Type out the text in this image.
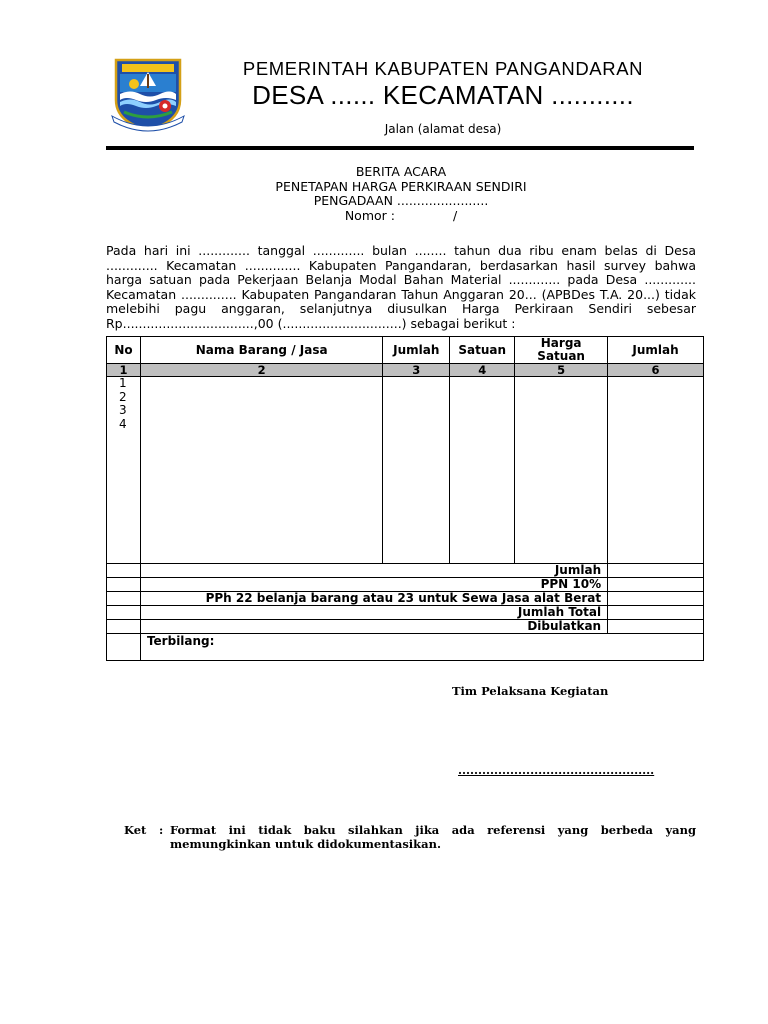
PEMERINTAH KABUPATEN PANGANDARAN
DESA ...... KECAMATAN ...........
Jalan (alamat desa)
BERITA ACARA
PENETAPAN HARGA PERKIRAAN SENDIRI
PENGADAAN .......................
Nomor :	/
Pada hari ini ............. tanggal ............. bulan ........ tahun dua ribu enam belas di Desa ............. Kecamatan .............. Kabupaten Pangandaran, berdasarkan hasil survey bahwa harga satuan pada Pekerjaan Belanja Modal Bahan Material ............. pada Desa ............. Kecamatan .............. Kabupaten Pangandaran Tahun Anggaran 20... (APBDes T.A. 20...) tidak melebihi pagu anggaran, selanjutnya diusulkan Harga Perkiraan Sendiri sebesar Rp.................................,00 (..............................) sebagai berikut :
No	Nama Barang / Jasa	Jumlah	Satuan	Harga Satuan	Jumlah
1	2	3	4	5	6

1
2
3
4					

	Jumlah				
	PPN 10%				
	PPh 22 belanja barang atau 23 untuk Sewa Jasa alat Berat				
	Jumlah Total				
	Dibulatkan				
	Terbilang:				
Tim Pelaksana Kegiatan
.................................................
Ket : Format ini tidak baku silahkan jika ada referensi yang berbeda yang memungkinkan untuk didokumentasikan.
